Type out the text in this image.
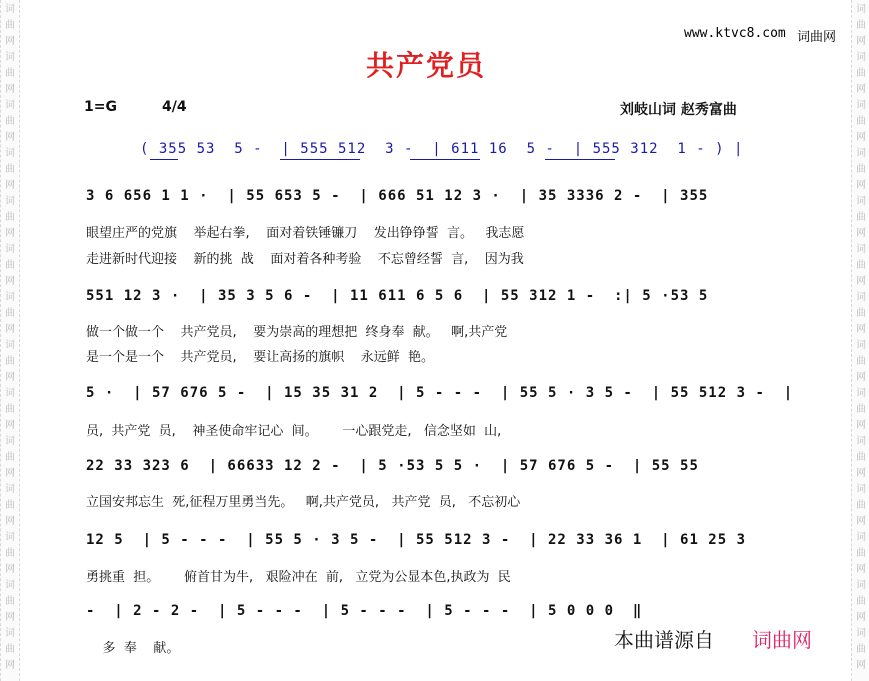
词
曲
网
词
曲
网
词
曲
网
词
曲
网
词
曲
网
词
曲
网
词
曲
网
词
曲
网
词
曲
网
词
曲
网
词
曲
网
词
曲
网
词
曲
网
词
曲
网
词
曲
网
词
曲
网
词
曲
网
词
曲
网
词
曲
网
词
曲
网
词
曲
网
词
曲
网
词
曲
网
词
曲
网
词
曲
网
词
曲
网
词
曲
网
词
曲
网
www.ktvc8.com 词曲网
共产党员
1=G	4/4	刘岐山词 赵秀富曲
( 355 53  5 -  | 555 512  3 -  | 611 16  5 -  | 555 312  1 - ) |
3 6 656 1 1 ·  | 55 653 5 -  | 666 51 12 3 ·  | 35 3336 2 -  | 355
眼望庄严的党旗    举起右拳,    面对着铁锤镰刀    发出铮铮誓  言。   我志愿
走进新时代迎接    新的挑  战    面对着各种考验    不忘曾经誓  言,    因为我
551 12 3 ·  | 35 3 5 6 -  | 11 611 6 5 6  | 55 312 1 -  :| 5 ·53 5
做一个做一个    共产党员,    要为崇高的理想把  终身奉  献。   啊,共产党
是一个是一个    共产党员,    要让高扬的旗帜    永远鲜  艳。
5 ·  | 57 676 5 -  | 15 35 31 2  | 5 - - -  | 55 5 · 3 5 -  | 55 512 3 -  |
员,  共产党  员,    神圣使命牢记心  间。      一心跟党走,   信念坚如  山,
22 33 323 6  | 66633 12 2 -  | 5 ·53 5 5 ·  | 57 676 5 -  | 55 55
立国安邦忘生  死,征程万里勇当先。   啊,共产党员,   共产党  员,   不忘初心
12 5  | 5 - - -  | 55 5 · 3 5 -  | 55 512 3 -  | 22 33 36 1  | 61 25 3
勇挑重  担。      俯首甘为牛,   艰险冲在  前,   立党为公显本色,执政为  民
-  | 2 - 2 -  | 5 - - -  | 5 - - -  | 5 - - -  | 5 0 0 0  ‖
多  奉    献。	本曲谱源自 词曲网
